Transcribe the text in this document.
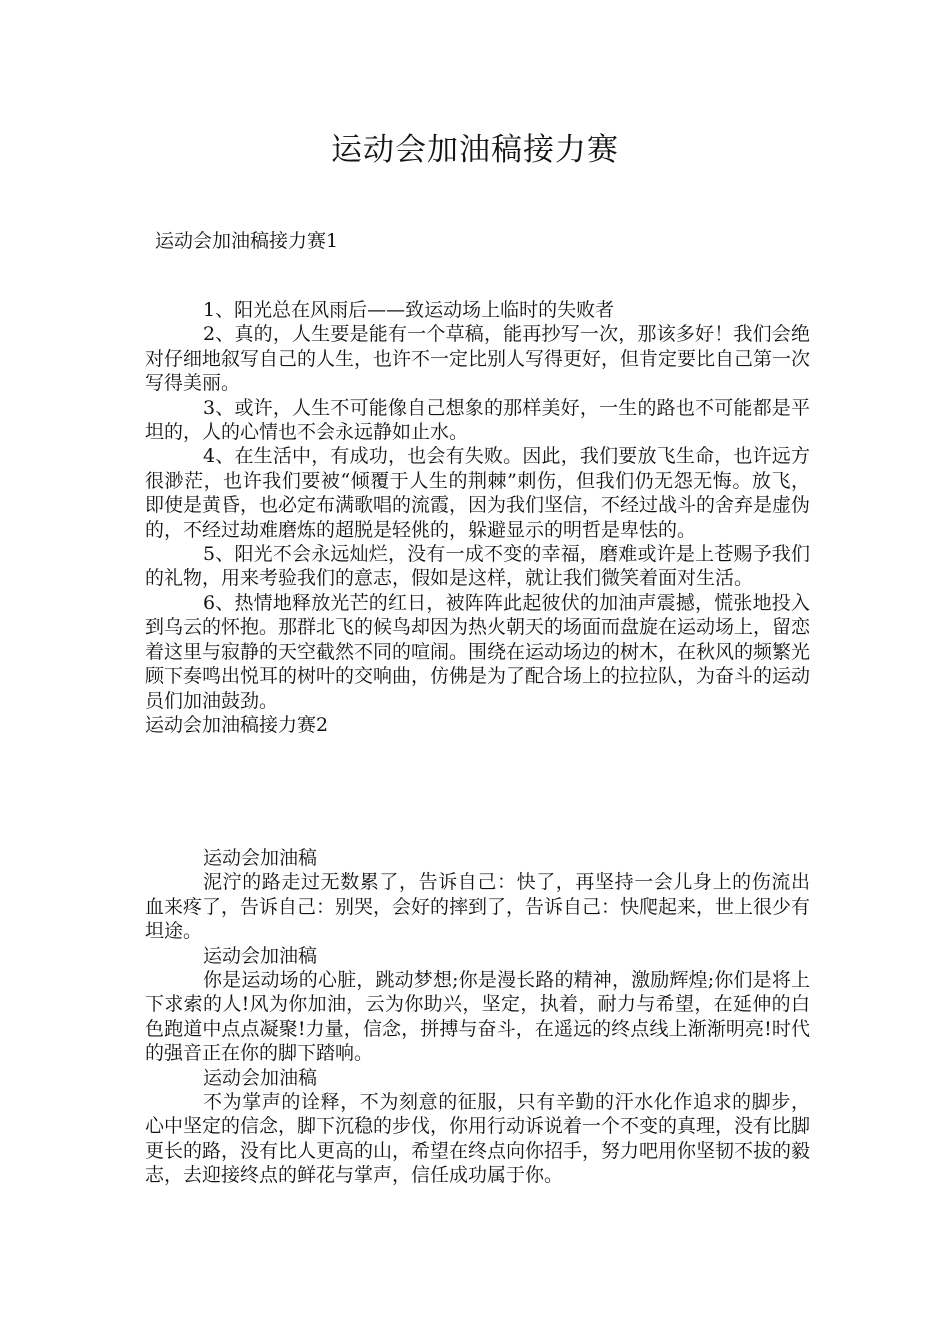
运动会加油稿接力赛
运动会加油稿接力赛1

1、阳光总在风雨后——致运动场上临时的失败者

2、真的，人生要是能有一个草稿，能再抄写一次，那该多好！我们会绝对仔细地叙写自己的人生，也许不一定比别人写得更好，但肯定要比自己第一次写得美丽。

3、或许，人生不可能像自己想象的那样美好，一生的路也不可能都是平坦的，人的心情也不会永远静如止水。

4、在生活中，有成功，也会有失败。因此，我们要放飞生命，也许远方很渺茫，也许我们要被“倾覆于人生的荆棘”刺伤，但我们仍无怨无悔。放飞，即使是黄昏，也必定布满歌唱的流霞，因为我们坚信，不经过战斗的舍弃是虚伪的，不经过劫难磨炼的超脱是轻佻的，躲避显示的明哲是卑怯的。

5、阳光不会永远灿烂，没有一成不变的幸福，磨难或许是上苍赐予我们的礼物，用来考验我们的意志，假如是这样，就让我们微笑着面对生活。

6、热情地释放光芒的红日，被阵阵此起彼伏的加油声震撼，慌张地投入到乌云的怀抱。那群北飞的候鸟却因为热火朝天的场面而盘旋在运动场上，留恋着这里与寂静的天空截然不同的喧闹。围绕在运动场边的树木，在秋风的频繁光顾下奏鸣出悦耳的树叶的交响曲，仿佛是为了配合场上的拉拉队，为奋斗的运动员们加油鼓劲。

运动会加油稿接力赛2

运动会加油稿

泥泞的路走过无数累了，告诉自己：快了，再坚持一会儿身上的伤流出血来疼了，告诉自己：别哭，会好的摔到了，告诉自己：快爬起来，世上很少有坦途。

运动会加油稿

你是运动场的心脏，跳动梦想;你是漫长路的精神，激励辉煌;你们是将上下求索的人!风为你加油，云为你助兴，坚定，执着，耐力与希望，在延伸的白色跑道中点点凝聚!力量，信念，拼搏与奋斗，在遥远的终点线上渐渐明亮!时代的强音正在你的脚下踏响。

运动会加油稿

不为掌声的诠释，不为刻意的征服，只有辛勤的汗水化作追求的脚步，心中坚定的信念，脚下沉稳的步伐，你用行动诉说着一个不变的真理，没有比脚更长的路，没有比人更高的山，希望在终点向你招手，努力吧用你坚韧不拔的毅志，去迎接终点的鲜花与掌声，信任成功属于你。
